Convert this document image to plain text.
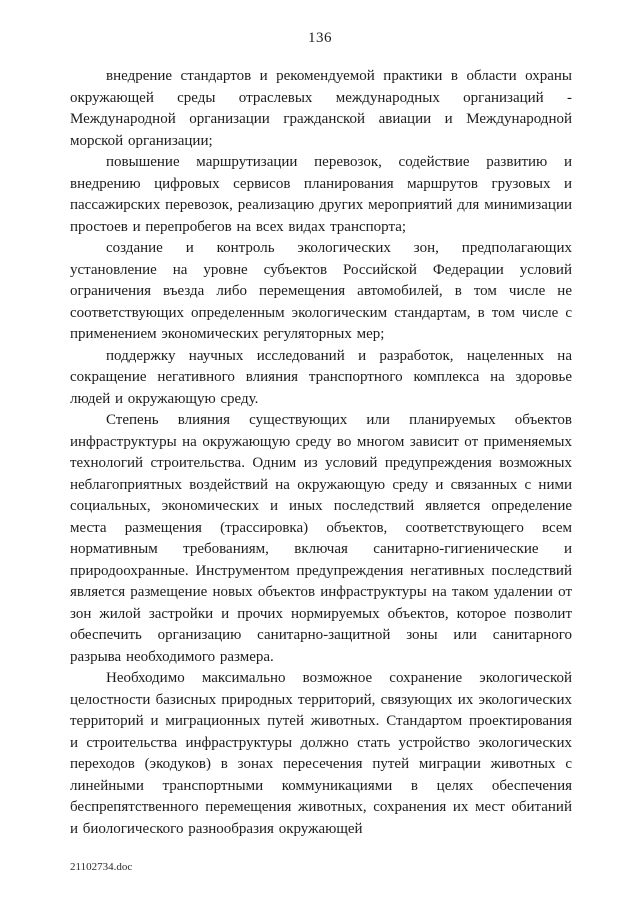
136

внедрение стандартов и рекомендуемой практики в области охраны окружающей среды отраслевых международных организаций - Международной организации гражданской авиации и Международной морской организации;

повышение маршрутизации перевозок, содействие развитию и внедрению цифровых сервисов планирования маршрутов грузовых и пассажирских перевозок, реализацию других мероприятий для минимизации простоев и перепробегов на всех видах транспорта;

создание и контроль экологических зон, предполагающих установление на уровне субъектов Российской Федерации условий ограничения въезда либо перемещения автомобилей, в том числе не соответствующих определенным экологическим стандартам, в том числе с применением экономических регуляторных мер;

поддержку научных исследований и разработок, нацеленных на сокращение негативного влияния транспортного комплекса на здоровье людей и окружающую среду.

Степень влияния существующих или планируемых объектов инфраструктуры на окружающую среду во многом зависит от применяемых технологий строительства. Одним из условий предупреждения возможных неблагоприятных воздействий на окружающую среду и связанных с ними социальных, экономических и иных последствий является определение места размещения (трассировка) объектов, соответствующего всем нормативным требованиям, включая санитарно-гигиенические и природоохранные. Инструментом предупреждения негативных последствий является размещение новых объектов инфраструктуры на таком удалении от зон жилой застройки и прочих нормируемых объектов, которое позволит обеспечить организацию санитарно-защитной зоны или санитарного разрыва необходимого размера.

Необходимо максимально возможное сохранение экологической целостности базисных природных территорий, связующих их экологических территорий и миграционных путей животных. Стандартом проектирования и строительства инфраструктуры должно стать устройство экологических переходов (экодуков) в зонах пересечения путей миграции животных с линейными транспортными коммуникациями в целях обеспечения беспрепятственного перемещения животных, сохранения их мест обитаний и биологического разнообразия окружающей

21102734.doc
